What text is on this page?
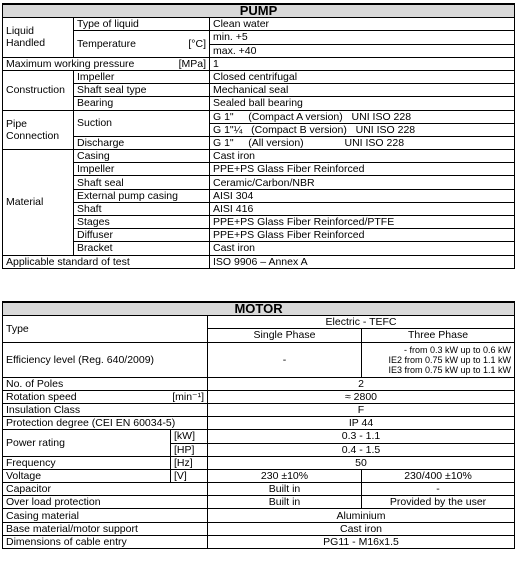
PUMP		
Liquid Handled	Type of liquid	Clean water
	Temperature [°C]	min. +5
		max. +40
Maximum working pressure [MPa]		1
Construction	Impeller	Closed centrifugal
	Shaft seal type	Mechanical seal
	Bearing	Sealed ball bearing
Pipe Connection	Suction	G 1"     (Compact A version)   UNI ISO 228
		G 1"¼   (Compact B version)   UNI ISO 228
	Discharge	G 1"     (All version)              UNI ISO 228
Material	Casing	Cast iron
	Impeller	PPE+PS Glass Fiber Reinforced
	Shaft seal	Ceramic/Carbon/NBR
	External pump casing	AISI 304
	Shaft	AISI 416
	Stages	PPE+PS Glass Fiber Reinforced/PTFE
	Diffuser	PPE+PS Glass Fiber Reinforced
	Bracket	Cast iron
Applicable standard of test		ISO 9906 – Annex A
MOTOR			
Type		Electric - TEFC	
		Single Phase	Three Phase
Efficiency level (Reg. 640/2009)		-	- from 0.3 kW up to 0.6 kW
IE2 from 0.75 kW up to 1.1 kW
IE3 from 0.75 kW up to 1.1 kW

No. of Poles		2	
Rotation speed [min⁻¹]		≈ 2800	
Insulation Class		F	
Protection degree (CEI EN 60034-5)		IP 44	
Power rating	[kW]	0.3 - 1.1	
	[HP]	0.4 - 1.5	
Frequency	[Hz]	50	
Voltage	[V]	230 ±10%	230/400 ±10%
Capacitor		Built in	-
Over load protection		Built in	Provided by the user
Casing material		Aluminium	
Base material/motor support		Cast iron	
Dimensions of cable entry		PG11 - M16x1.5	
